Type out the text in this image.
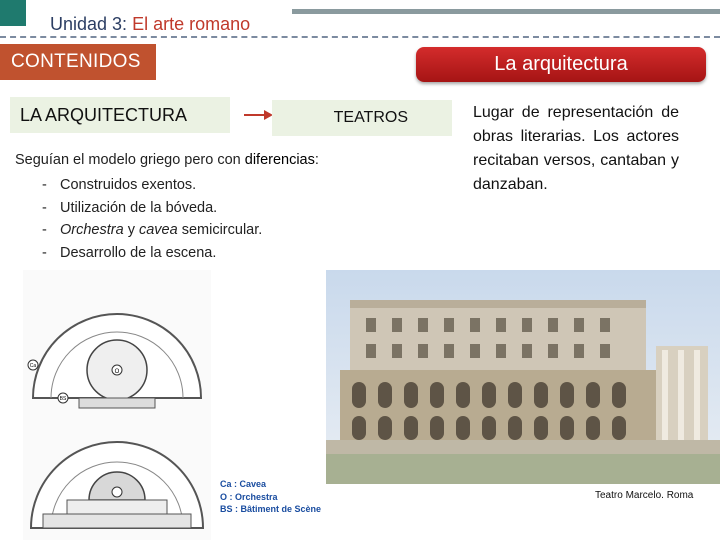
Unidad 3: El arte romano
CONTENIDOS	La arquitectura
LA ARQUITECTURA	TEATROS	Lugar de representación de obras literarias. Los actores recitaban versos, cantaban y danzaban.
Seguían el modelo griego pero con diferencias:
- Construidos exentos.
- Utilización de la bóveda.
- Orchestra y cavea semicircular.
- Desarrollo de la escena.
Ca
BS
O
Ca : Cavea
O : Orchestra
BS : Bâtiment de Scène
Teatro Marcelo. Roma
